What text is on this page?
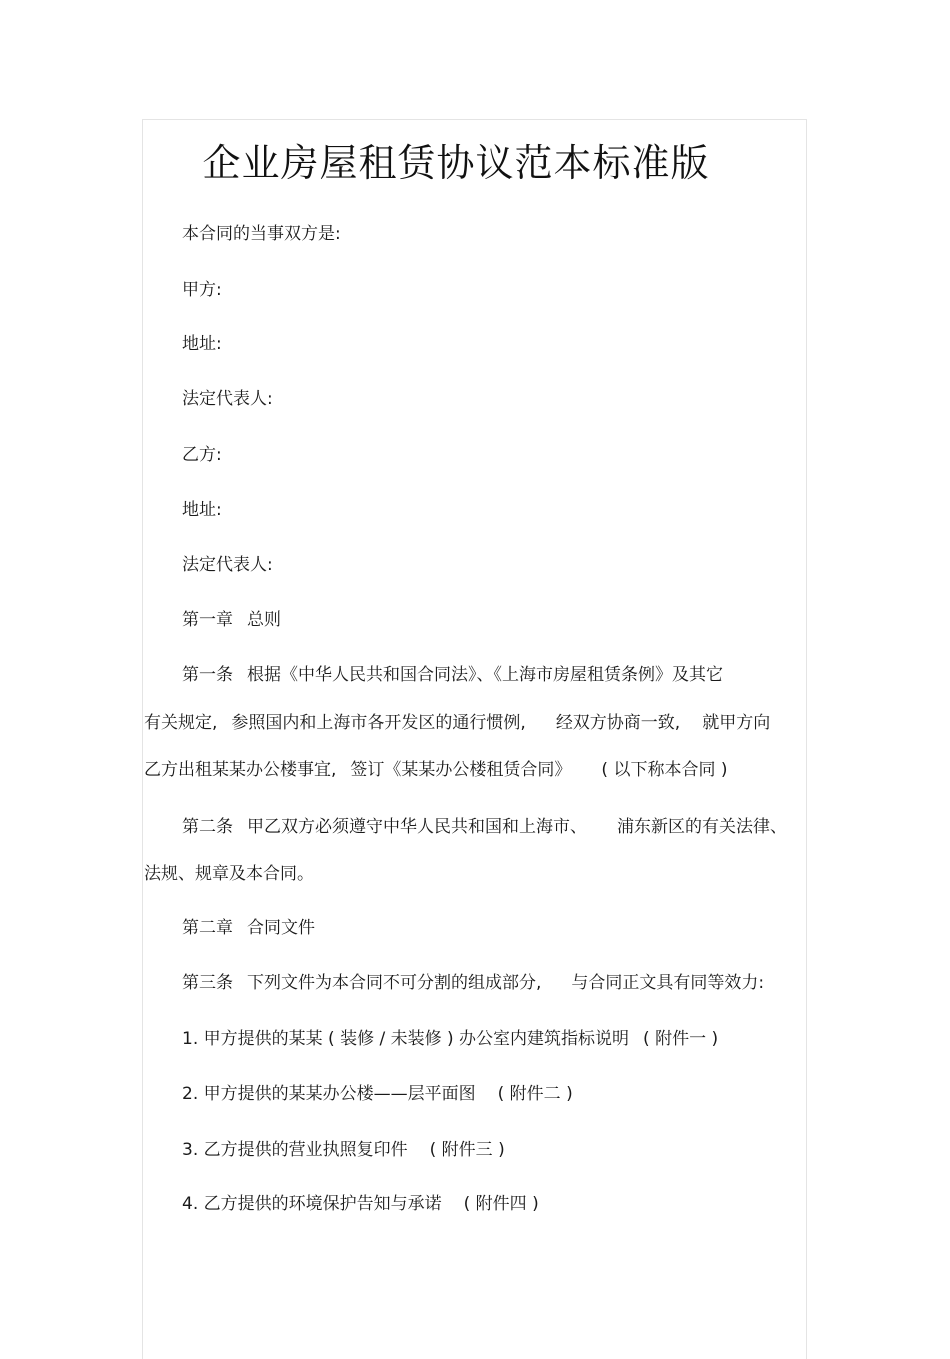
企业房屋租赁协议范本标准版
本合同的当事双方是:
甲方:
地址:
法定代表人:
乙方:
地址:
法定代表人:
第一章 总则
第一条 根据《中华人民共和国合同法》、《上海市房屋租赁条例》及其它
有关规定, 参照国内和上海市各开发区的通行惯例, 经双方协商一致, 就甲方向
乙方出租某某办公楼事宜, 签订《某某办公楼租赁合同》 ( 以下称本合同 )
第二条 甲乙双方必须遵守中华人民共和国和上海市、 浦东新区的有关法律、
法规、规章及本合同。
第二章 合同文件
第三条 下列文件为本合同不可分割的组成部分, 与合同正文具有同等效力:
1. 甲方提供的某某 ( 装修 / 未装修 ) 办公室内建筑指标说明 ( 附件一 )
2. 甲方提供的某某办公楼——层平面图 ( 附件二 )
3. 乙方提供的营业执照复印件 ( 附件三 )
4. 乙方提供的环境保护告知与承诺 ( 附件四 )
